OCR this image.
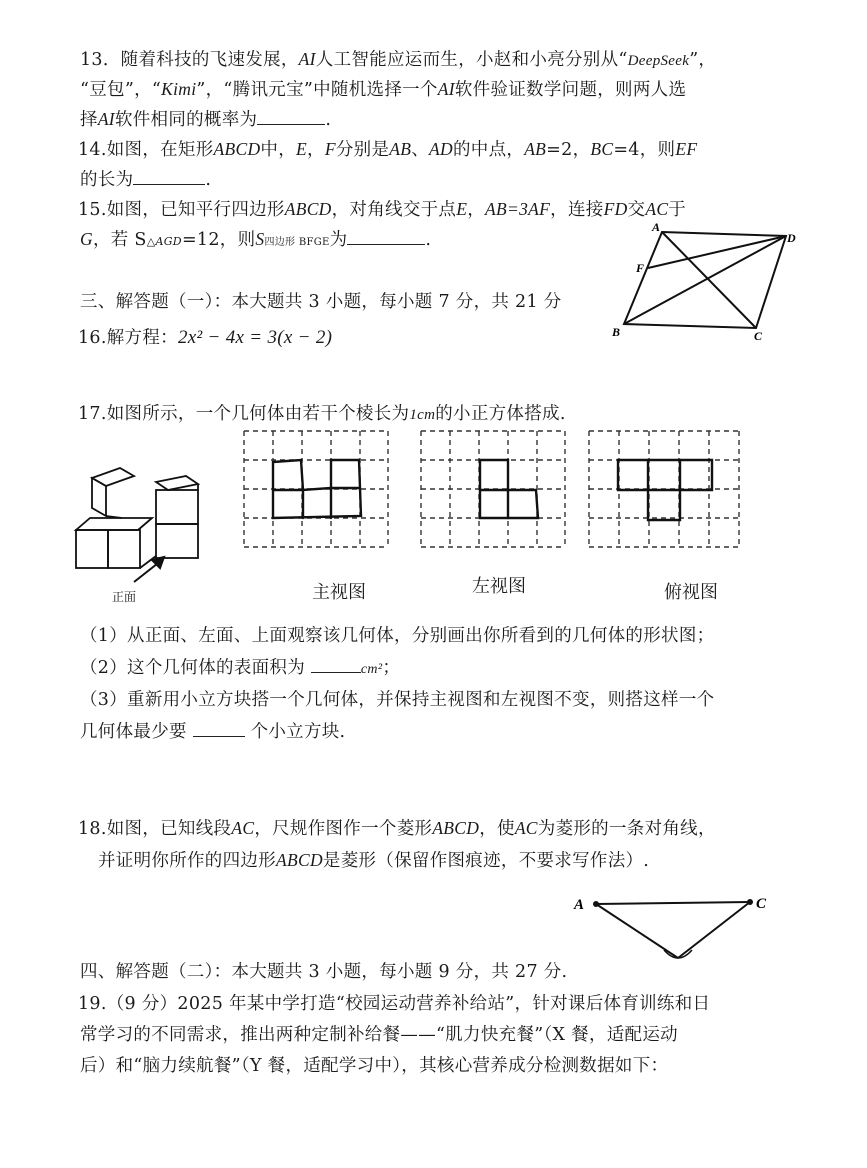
13．随着科技的飞速发展，AI人工智能应运而生，小赵和小亮分别从“DeepSeek”，
“豆包”，“Kimi”，“腾讯元宝”中随机选择一个AI软件验证数学问题，则两人选
择AI软件相同的概率为	.
14.如图，在矩形ABCD中，E，F分别是AB、AD的中点，AB=2，BC=4，则EF
的长为	.
15.如图，已知平行四边形ABCD，对角线交于点E，AB=3AF，连接FD交AC于
G，若 S△AGD=12，则S四边形 BFGE为	.
A
D
B	C
F
三、解答题（一）：本大题共 3 小题，每小题 7 分，共 21 分
16.解方程：2x² − 4x = 3(x − 2)
17.如图所示，一个几何体由若干个棱长为1cm的小正方体搭成.
正面	主视图	左视图	俯视图
（1）从正面、左面、上面观察该几何体，分别画出你所看到的几何体的形状图；
（2）这个几何体的表面积为	cm²；
（3）重新用小立方块搭一个几何体，并保持主视图和左视图不变，则搭这样一个
几何体最少要	个小立方块.
18.如图，已知线段AC，尺规作图作一个菱形ABCD，使AC为菱形的一条对角线，
并证明你所作的四边形ABCD是菱形（保留作图痕迹，不要求写作法）.
A	C
四、解答题（二）：本大题共 3 小题，每小题 9 分，共 27 分.
19.（9 分）2025 年某中学打造“校园运动营养补给站”，针对课后体育训练和日
常学习的不同需求，推出两种定制补给餐——“肌力快充餐”（X 餐，适配运动
后）和“脑力续航餐”（Y 餐，适配学习中），其核心营养成分检测数据如下：
